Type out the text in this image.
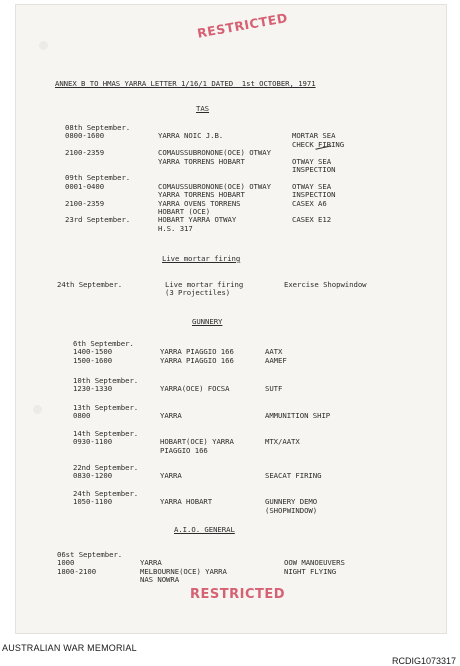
08th September.
0800-1600	YARRA NOIC J.B.	MORTAR SEA
CHECK FIRING
2100-2359	COMAUSSUBRONONE(OCE) OTWAY
YARRA TORRENS HOBART	OTWAY SEA
INSPECTION
09th September.
0001-0400	COMAUSSUBRONONE(OCE) OTWAY	OTWAY SEA
YARRA TORRENS HOBART	INSPECTION
2100-2359	YARRA OVENS TORRENS	CASEX A6
HOBART (OCE)
23rd September.	HOBART YARRA OTWAY	CASEX E12
H.S. 317
24th September.	Live mortar firing	Exercise Shopwindow
(3 Projectiles)
6th September.
1400-1500	YARRA PIAGGIO 166	AATX
1500-1600	YARRA PIAGGIO 166	AAMEF
10th September.
1230-1330	YARRA(OCE) FOCSA	SUTF
13th September.
0800	YARRA	AMMUNITION SHIP
14th September.
0930-1100	HOBART(OCE) YARRA	MTX/AATX
PIAGGIO 166
22nd September.
0830-1200	YARRA	SEACAT FIRING
24th September.
1050-1100	YARRA HOBART	GUNNERY DEMO
(SHOPWINDOW)
06st September.
1000	YARRA	OOW MANOEUVERS
1800-2100	MELBOURNE(OCE) YARRA	NIGHT FLYING
NAS NOWRA
RESTRICTED
RESTRICTED
ANNEX B TO HMAS YARRA LETTER 1/16/1 DATED  1st OCTOBER, 1971
TAS
Live mortar firing
GUNNERY
A.I.O. GENERAL
AUSTRALIAN WAR MEMORIAL
RCDIG1073317
